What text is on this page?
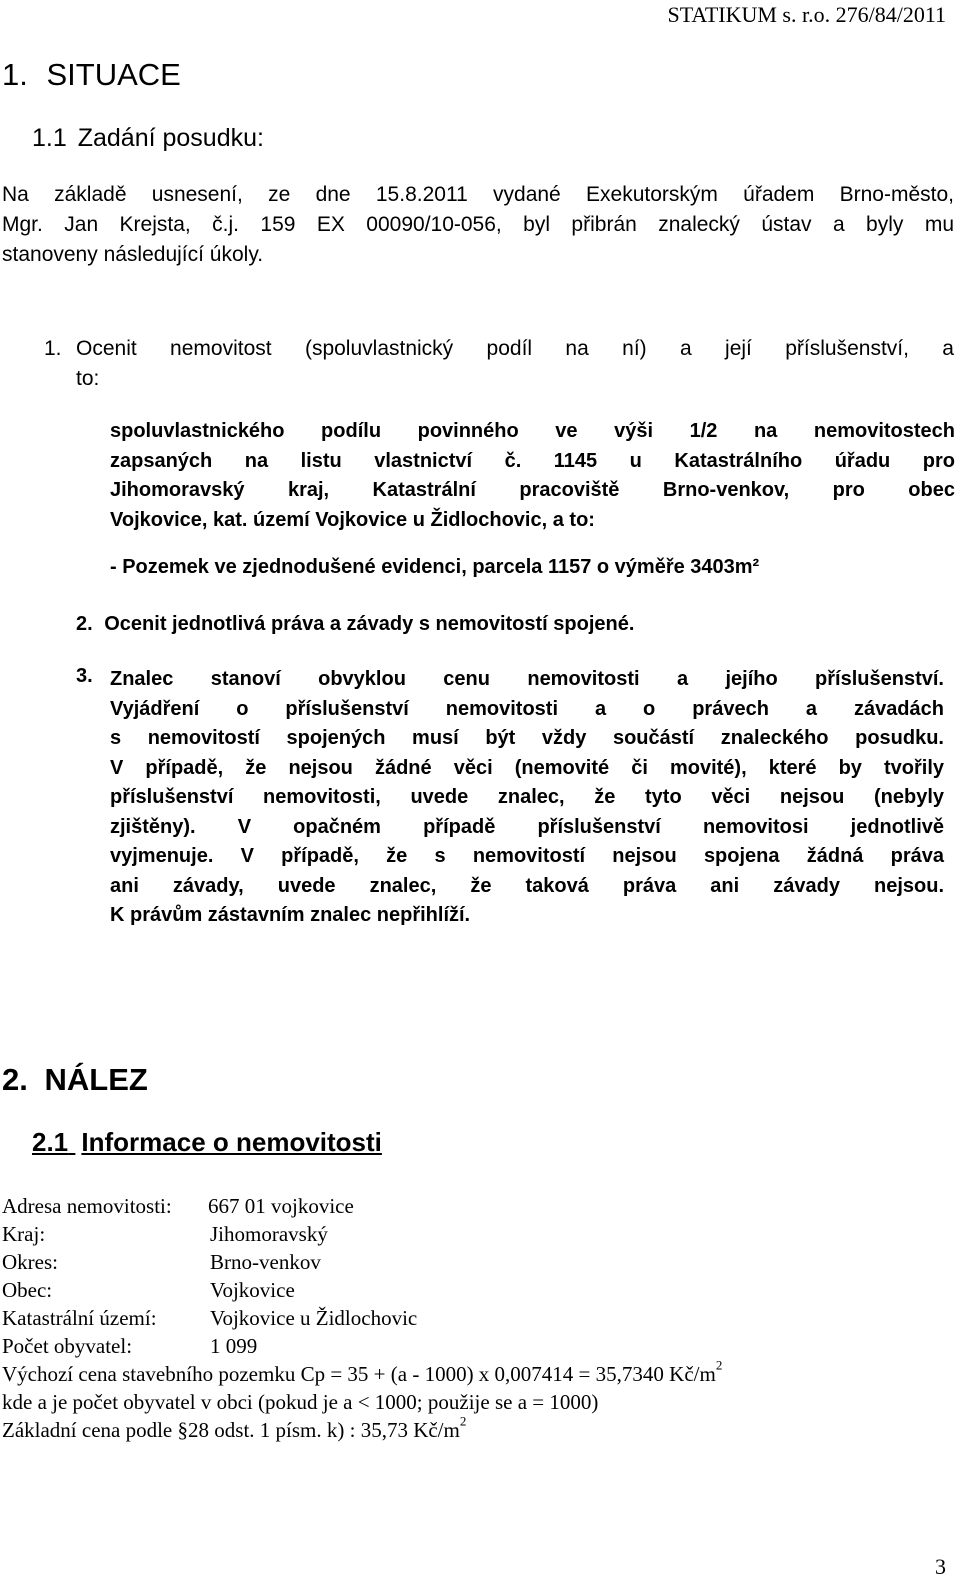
STATIKUM s. r.o. 276/84/2011
1. SITUACE
1.1 Zadání posudku:
Na základě usnesení, ze dne 15.8.2011 vydané Exekutorským úřadem Brno-město,
Mgr. Jan Krejsta, č.j. 159 EX 00090/10-056, byl přibrán znalecký ústav a byly mu
stanoveny následující úkoly.
1. Ocenit nemovitost (spoluvlastnický podíl na ní) a její příslušenství, a
to:
spoluvlastnického podílu povinného ve výši 1/2 na nemovitostech
zapsaných na listu vlastnictví č. 1145 u Katastrálního úřadu pro
Jihomoravský kraj, Katastrální pracoviště Brno-venkov, pro obec
Vojkovice, kat. území Vojkovice u Židlochovic, a to:
- Pozemek ve zjednodušené evidenci, parcela 1157 o výměře 3403m²
2. Ocenit jednotlivá práva a závady s nemovitostí spojené.
3. Znalec stanoví obvyklou cenu nemovitosti a jejího příslušenství.
Vyjádření o příslušenství nemovitosti a o právech a závadách
s nemovitostí spojených musí být vždy součástí znaleckého posudku.
V případě, že nejsou žádné věci (nemovité či movité), které by tvořily
příslušenství nemovitosti, uvede znalec, že tyto věci nejsou (nebyly
zjištěny). V opačném případě příslušenství nemovitosi jednotlivě
vyjmenuje. V případě, že s nemovitostí nejsou spojena žádná práva
ani závady, uvede znalec, že taková práva ani závady nejsou.
K právům zástavním znalec nepřihlíží.
2. NÁLEZ
2.1 Informace o nemovitosti
Adresa nemovitosti: 667 01 vojkovice
Kraj:	Jihomoravský
Okres:	Brno-venkov
Obec:	Vojkovice
Katastrální území:	Vojkovice u Židlochovic
Počet obyvatel:	1 099
Výchozí cena stavebního pozemku Cp = 35 + (a - 1000) x 0,007414 = 35,7340 $Kč/m^2$
kde a je počet obyvatel v obci (pokud je a < 1000; použije se a = 1000)
Základní cena podle §28 odst. 1 písm. k) : 35,73 $Kč/m^2$
3
